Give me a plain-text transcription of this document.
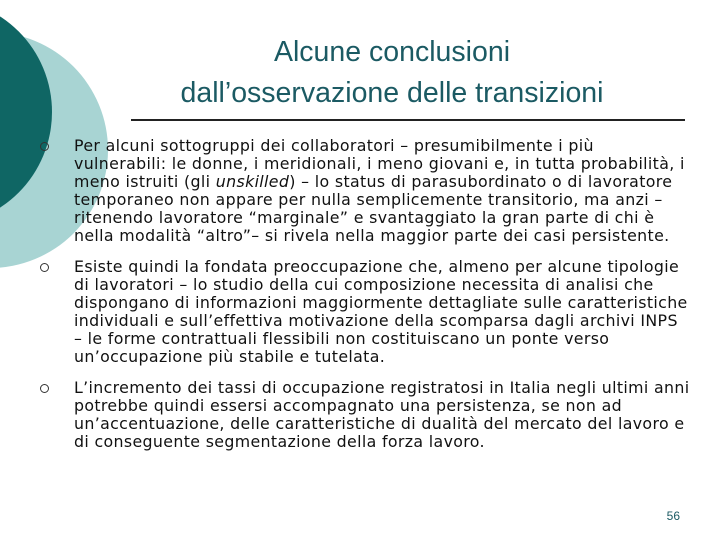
Alcune conclusioni
dall’osservazione delle transizioni
Per alcuni sottogruppi dei collaboratori – presumibilmente i più vulnerabili: le donne, i meridionali, i meno giovani e, in tutta probabilità, i meno istruiti (gli unskilled) – lo status di parasubordinato o di lavoratore temporaneo non appare per nulla semplicemente transitorio, ma anzi – ritenendo lavoratore “marginale” e svantaggiato la gran parte di chi è nella modalità “altro”– si rivela nella maggior parte dei casi persistente.
Esiste quindi la fondata preoccupazione che, almeno per alcune tipologie di lavoratori – lo studio della cui composizione necessita di analisi che dispongano di informazioni maggiormente dettagliate sulle caratteristiche individuali e sull’effettiva motivazione della scomparsa dagli archivi INPS – le forme contrattuali flessibili non costituiscano un ponte verso un’occupazione più stabile e tutelata.
L’incremento dei tassi di occupazione registratosi in Italia negli ultimi anni potrebbe quindi essersi accompagnato una persistenza, se non ad un’accentuazione, delle caratteristiche di dualità del mercato del lavoro e di conseguente segmentazione della forza lavoro.
56
